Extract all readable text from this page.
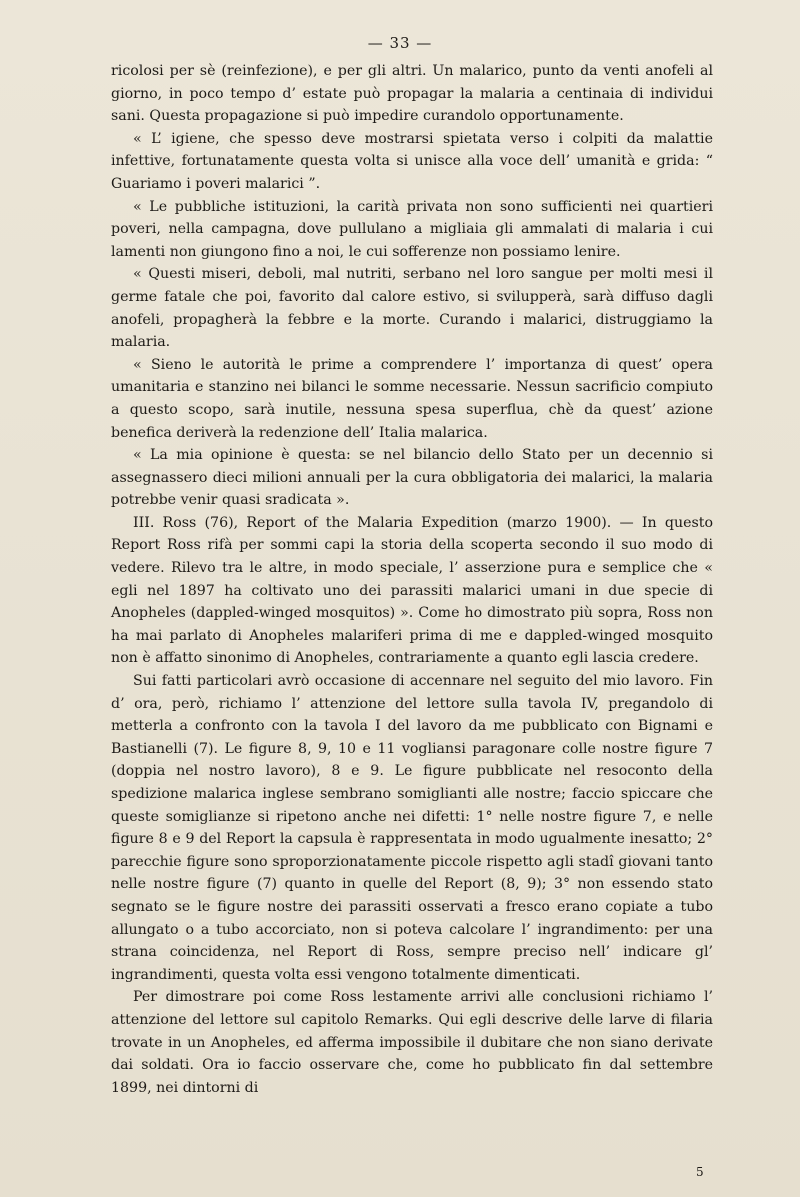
— 33 —

ricolosi per sè (reinfezione), e per gli altri. Un malarico, punto da venti anofeli al giorno, in poco tempo d’ estate può propagar la malaria a centinaia di individui sani. Questa propagazione si può impedire curandolo opportunamente.

« L’ igiene, che spesso deve mostrarsi spietata verso i colpiti da malattie infettive, fortunatamente questa volta si unisce alla voce dell’ umanità e grida: “ Guariamo i poveri malarici ”.

« Le pubbliche istituzioni, la carità privata non sono sufficienti nei quartieri poveri, nella campagna, dove pullulano a migliaia gli ammalati di malaria i cui lamenti non giungono fino a noi, le cui sofferenze non possiamo lenire.

« Questi miseri, deboli, mal nutriti, serbano nel loro sangue per molti mesi il germe fatale che poi, favorito dal calore estivo, si svilupperà, sarà diffuso dagli anofeli, propagherà la febbre e la morte. Curando i malarici, distruggiamo la malaria.

« Sieno le autorità le prime a comprendere l’ importanza di quest’ opera umanitaria e stanzino nei bilanci le somme necessarie. Nessun sacrificio compiuto a questo scopo, sarà inutile, nessuna spesa superflua, chè da quest’ azione benefica deriverà la redenzione dell’ Italia malarica.

« La mia opinione è questa: se nel bilancio dello Stato per un decennio si assegnassero dieci milioni annuali per la cura obbligatoria dei malarici, la malaria potrebbe venir quasi sradicata ».

III. Ross (76), Report of the Malaria Expedition (marzo 1900). — In questo Report Ross rifà per sommi capi la storia della scoperta secondo il suo modo di vedere. Rilevo tra le altre, in modo speciale, l’ asserzione pura e semplice che « egli nel 1897 ha coltivato uno dei parassiti malarici umani in due specie di Anopheles (dappled-winged mosquitos) ». Come ho dimostrato più sopra, Ross non ha mai parlato di Anopheles malariferi prima di me e dappled-winged mosquito non è affatto sinonimo di Anopheles, contrariamente a quanto egli lascia credere.

Sui fatti particolari avrò occasione di accennare nel seguito del mio lavoro. Fin d’ ora, però, richiamo l’ attenzione del lettore sulla tavola IV, pregandolo di metterla a confronto con la tavola I del lavoro da me pubblicato con Bignami e Bastianelli (7). Le figure 8, 9, 10 e 11 vogliansi paragonare colle nostre figure 7 (doppia nel nostro lavoro), 8 e 9. Le figure pubblicate nel resoconto della spedizione malarica inglese sembrano somiglianti alle nostre; faccio spiccare che queste somiglianze si ripetono anche nei difetti: 1° nelle nostre figure 7, e nelle figure 8 e 9 del Report la capsula è rappresentata in modo ugualmente inesatto; 2° parecchie figure sono sproporzionatamente piccole rispetto agli stadî giovani tanto nelle nostre figure (7) quanto in quelle del Report (8, 9); 3° non essendo stato segnato se le figure nostre dei parassiti osservati a fresco erano copiate a tubo allungato o a tubo accorciato, non si poteva calcolare l’ ingrandimento: per una strana coincidenza, nel Report di Ross, sempre preciso nell’ indicare gl’ ingrandimenti, questa volta essi vengono totalmente dimenticati.

Per dimostrare poi come Ross lestamente arrivi alle conclusioni richiamo l’ attenzione del lettore sul capitolo Remarks. Qui egli descrive delle larve di filaria trovate in un Anopheles, ed afferma impossibile il dubitare che non siano derivate dai soldati. Ora io faccio osservare che, come ho pubblicato fin dal settembre 1899, nei dintorni di

5
